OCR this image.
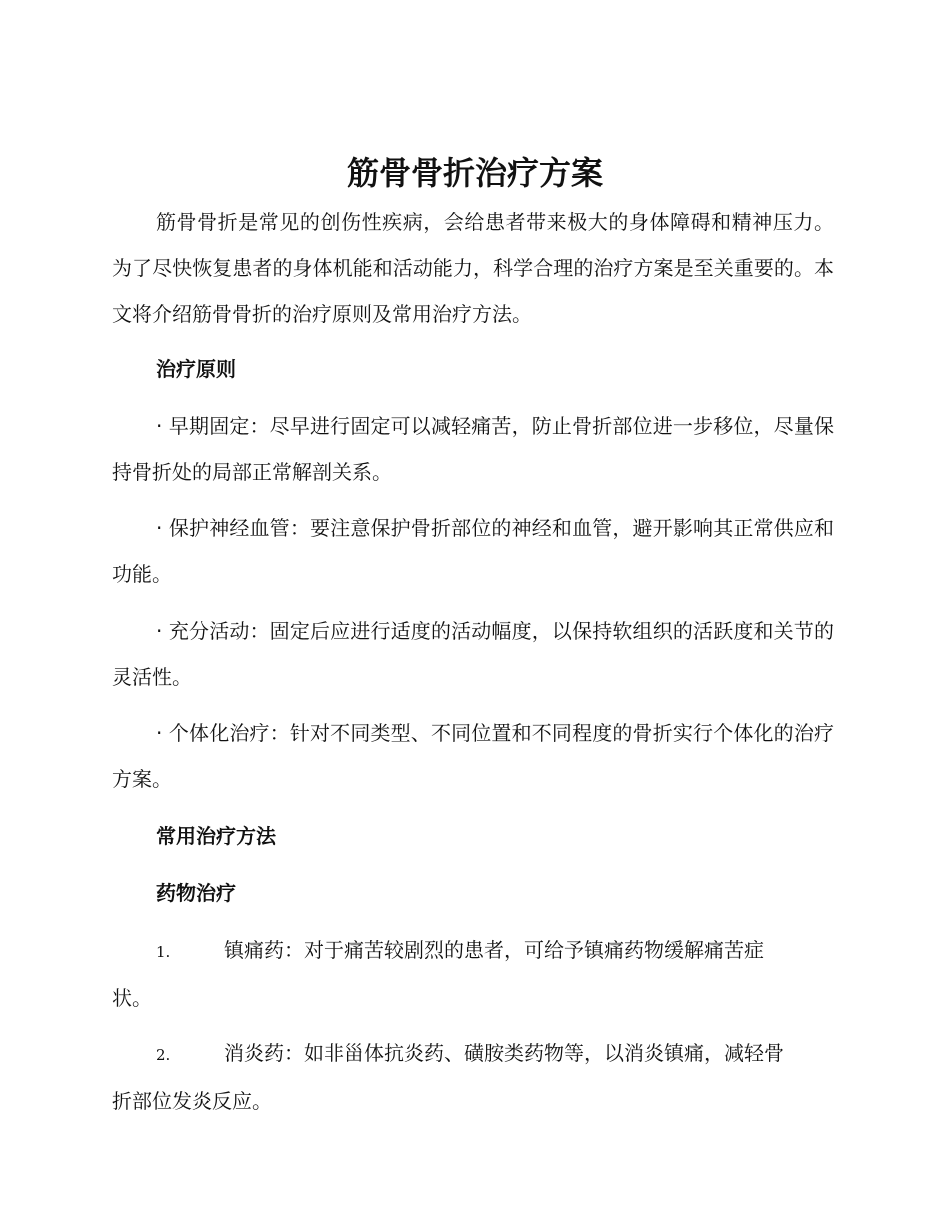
筋骨骨折治疗方案

筋骨骨折是常见的创伤性疾病，会给患者带来极大的身体障碍和精神压力。为了尽快恢复患者的身体机能和活动能力，科学合理的治疗方案是至关重要的。本文将介绍筋骨骨折的治疗原则及常用治疗方法。

治疗原则

· 早期固定：尽早进行固定可以减轻痛苦，防止骨折部位进一步移位，尽量保持骨折处的局部正常解剖关系。

· 保护神经血管：要注意保护骨折部位的神经和血管，避开影响其正常供应和功能。

· 充分活动：固定后应进行适度的活动幅度，以保持软组织的活跃度和关节的灵活性。

· 个体化治疗：针对不同类型、不同位置和不同程度的骨折实行个体化的治疗方案。

常用治疗方法
药物治疗
1.	镇痛药：对于痛苦较剧烈的患者，可给予镇痛药物缓解痛苦症
状。
2.	消炎药：如非甾体抗炎药、磺胺类药物等，以消炎镇痛，减轻骨
折部位发炎反应。
